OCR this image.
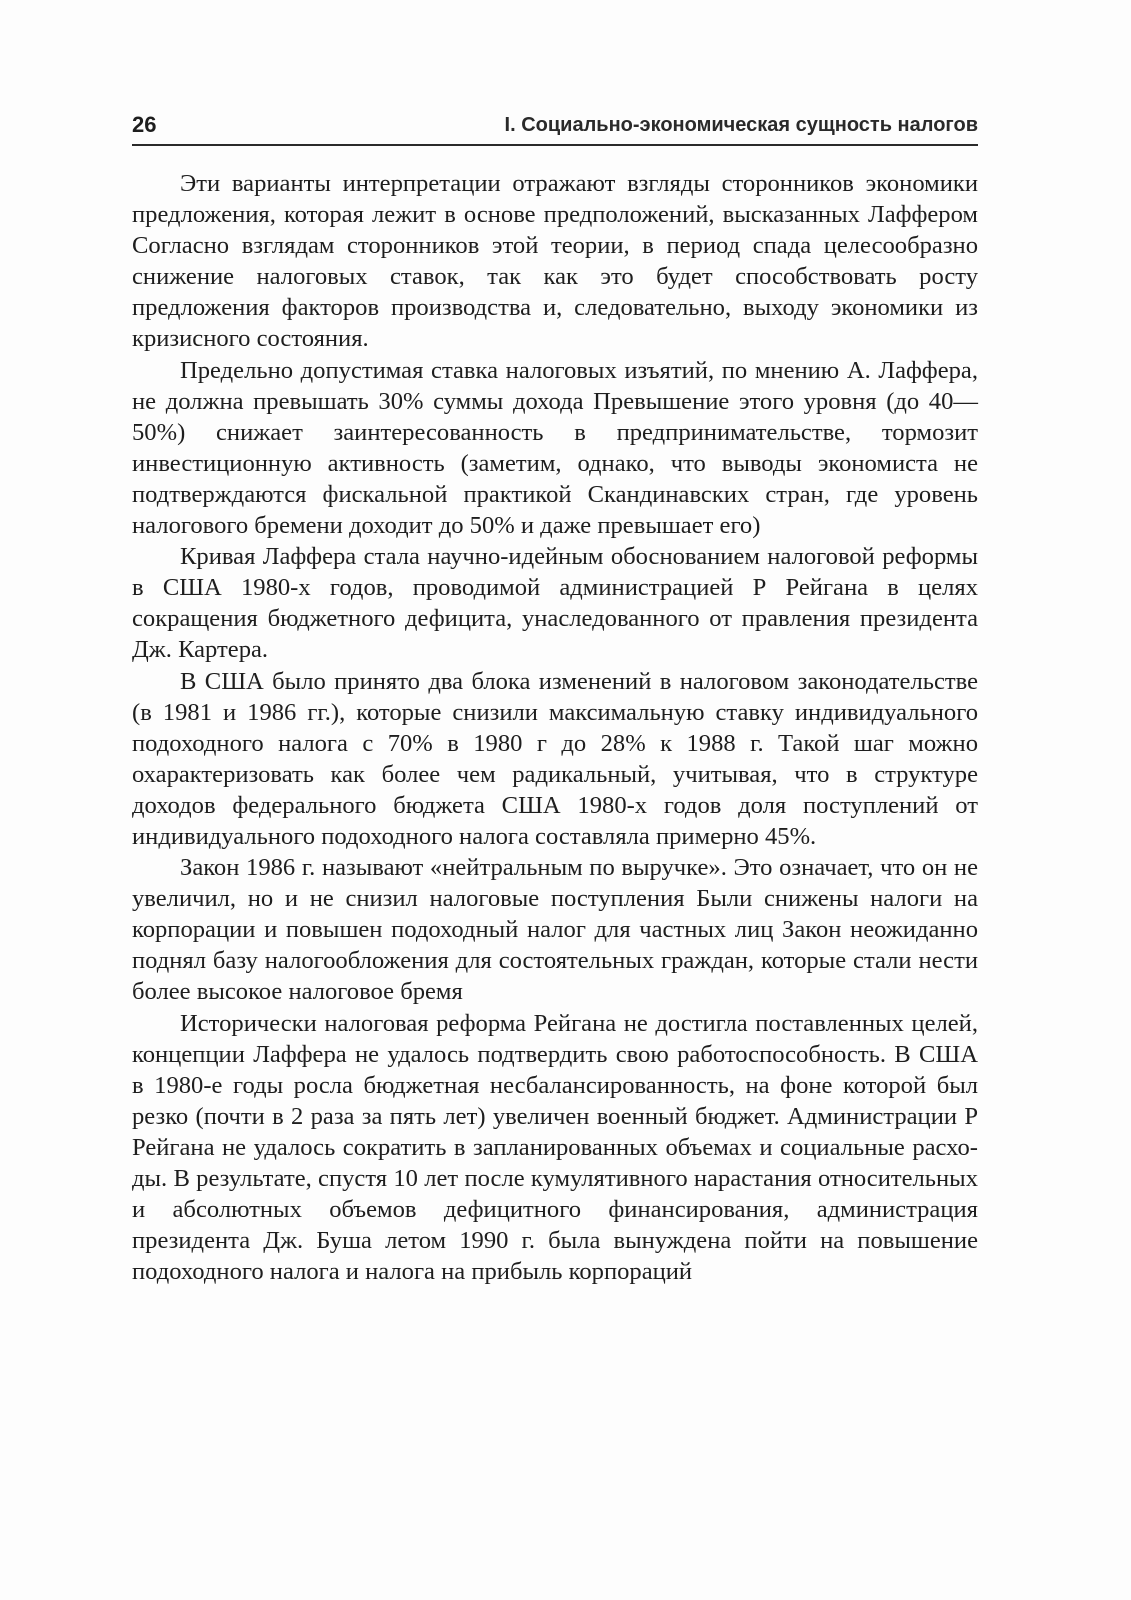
26	I. Социально-экономическая сущность налогов

Эти варианты интерпретации отражают взгляды сторонников экономики предложения, которая лежит в основе предположений, высказанных Лаффером Согласно взглядам сторонников этой теории, в период спада целесообразно снижение налоговых ставок, так как это будет способствовать росту предложения факторов производства и, следовательно, выходу экономики из кризисного состояния.

Предельно допустимая ставка налоговых изъятий, по мнению А. Лаффера, не должна превышать 30% суммы дохода Превышение этого уровня (до 40—50%) снижает заинтересованность в предпринимательстве, тормозит инвестиционную активность (заметим, однако, что выводы экономиста не подтверждаются фискальной практикой Скандинавских стран, где уровень налогового бремени доходит до 50% и даже превышает его)

Кривая Лаффера стала научно-идейным обоснованием налоговой реформы в США 1980-х годов, проводимой администрацией Р Рейгана в целях сокращения бюджетного дефицита, унаследованного от правления президента Дж. Картера.

В США было принято два блока изменений в налоговом законодательстве (в 1981 и 1986 гг.), которые снизили максимальную ставку индивидуального подоходного налога с 70% в 1980 г до 28% к 1988 г. Такой шаг можно охарактеризовать как более чем радикальный, учитывая, что в структуре доходов федерального бюджета США 1980-х годов доля поступлений от индивидуального подоходного налога составляла примерно 45%.

Закон 1986 г. называют «нейтральным по выручке». Это означает, что он не увеличил, но и не снизил налоговые поступления Были снижены налоги на корпорации и повышен подоходный налог для частных лиц Закон неожиданно поднял базу налогообложения для состоятельных граждан, которые стали нести более высокое налоговое бремя

Исторически налоговая реформа Рейгана не достигла поставленных целей, концепции Лаффера не удалось подтвердить свою работоспособность. В США в 1980-е годы росла бюджетная несбалансированность, на фоне которой был резко (почти в 2 раза за пять лет) увеличен военный бюджет. Администрации Р Рейгана не удалось сократить в запланированных объемах и социальные расходы. В результате, спустя 10 лет после кумулятивного нарастания относительных и абсолютных объемов дефицитного финансирования, администрация президента Дж. Буша летом 1990 г. была вынуждена пойти на повышение подоходного налога и налога на прибыль корпораций
